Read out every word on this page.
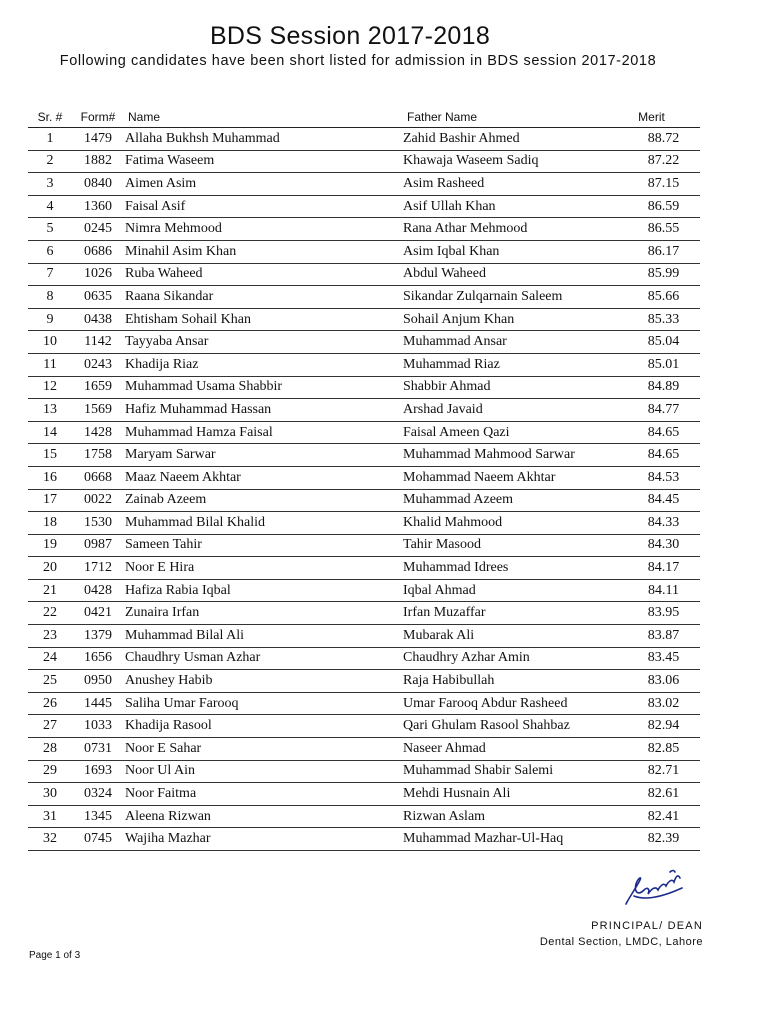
BDS Session 2017-2018

Following candidates have been short listed for admission in BDS session 2017-2018

Sr. #	Form#	Name	Father Name	Merit
1	1479	Allaha Bukhsh Muhammad	Zahid Bashir Ahmed	88.72
2	1882	Fatima Waseem	Khawaja Waseem Sadiq	87.22
3	0840	Aimen Asim	Asim Rasheed	87.15
4	1360	Faisal Asif	Asif Ullah Khan	86.59
5	0245	Nimra Mehmood	Rana Athar Mehmood	86.55
6	0686	Minahil Asim Khan	Asim Iqbal Khan	86.17
7	1026	Ruba Waheed	Abdul Waheed	85.99
8	0635	Raana Sikandar	Sikandar Zulqarnain Saleem	85.66
9	0438	Ehtisham Sohail Khan	Sohail Anjum Khan	85.33
10	1142	Tayyaba Ansar	Muhammad Ansar	85.04
11	0243	Khadija Riaz	Muhammad Riaz	85.01
12	1659	Muhammad Usama Shabbir	Shabbir Ahmad	84.89
13	1569	Hafiz Muhammad Hassan	Arshad Javaid	84.77
14	1428	Muhammad Hamza Faisal	Faisal Ameen Qazi	84.65
15	1758	Maryam Sarwar	Muhammad Mahmood Sarwar	84.65
16	0668	Maaz Naeem Akhtar	Mohammad Naeem Akhtar	84.53
17	0022	Zainab Azeem	Muhammad Azeem	84.45
18	1530	Muhammad Bilal Khalid	Khalid Mahmood	84.33
19	0987	Sameen Tahir	Tahir Masood	84.30
20	1712	Noor E Hira	Muhammad Idrees	84.17
21	0428	Hafiza Rabia Iqbal	Iqbal Ahmad	84.11
22	0421	Zunaira Irfan	Irfan Muzaffar	83.95
23	1379	Muhammad Bilal Ali	Mubarak Ali	83.87
24	1656	Chaudhry Usman Azhar	Chaudhry Azhar Amin	83.45
25	0950	Anushey Habib	Raja Habibullah	83.06
26	1445	Saliha Umar Farooq	Umar Farooq Abdur Rasheed	83.02
27	1033	Khadija Rasool	Qari Ghulam Rasool Shahbaz	82.94
28	0731	Noor E Sahar	Naseer Ahmad	82.85
29	1693	Noor Ul Ain	Muhammad Shabir Salemi	82.71
30	0324	Noor Faitma	Mehdi Husnain Ali	82.61
31	1345	Aleena Rizwan	Rizwan Aslam	82.41
32	0745	Wajiha Mazhar	Muhammad Mazhar-Ul-Haq	82.39
PRINCIPAL/ DEAN
Dental Section, LMDC, Lahore
Page 1 of 3
